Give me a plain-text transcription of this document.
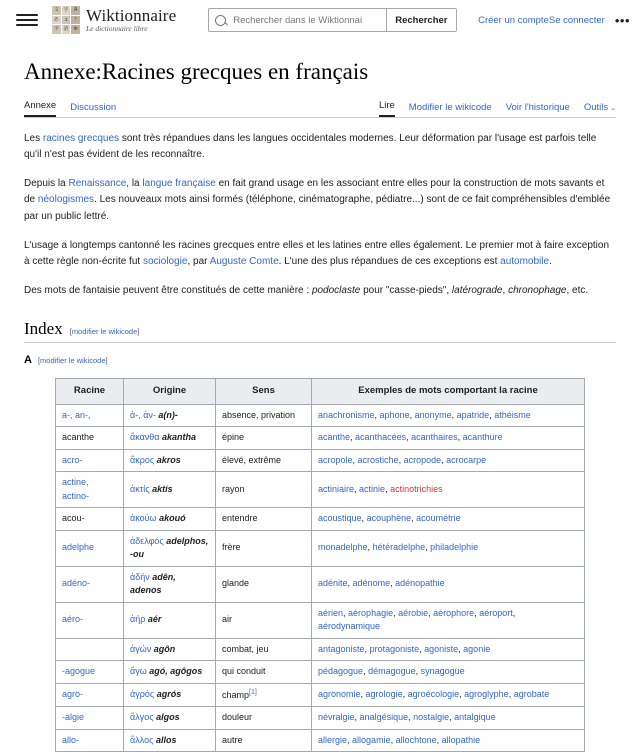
文 字	A
あ	ב	ᛉ
字 語	क
Wiktionnaire
Le dictionnaire libre
Rechercher dans le Wiktionnai
Rechercher	Créer un compte Se connecter •••
Annexe:Racines grecques en français
Annexe Discussion	Lire Modifier le wikicode Voir l'historique Outils ⌄

Les racines grecques sont très répandues dans les langues occidentales modernes. Leur déformation par l'usage est parfois telle qu'il n'est pas évident de les reconnaître.

Depuis la Renaissance, la langue française en fait grand usage en les associant entre elles pour la construction de mots savants et de néologismes. Les nouveaux mots ainsi formés (téléphone, cinématographe, pédiatre...) sont de ce fait compréhensibles d'emblée par un public lettré.

L'usage a longtemps cantonné les racines grecques entre elles et les latines entre elles également. Le premier mot à faire exception à cette règle non-écrite fut sociologie, par Auguste Comte. L'une des plus répandues de ces exceptions est automobile.

Des mots de fantaisie peuvent être constitués de cette manière : podoclaste pour "casse-pieds", latérograde, chronophage, etc.

Index [modifier le wikicode]
A [modifier le wikicode]
Racine	Origine	Sens	Exemples de mots comportant la racine
a-, an-,	ἀ-, ἀν- a(n)-	absence, privation	anachronisme, aphone, anonyme, apatride, athéisme
acanthe	ἄκανθα akantha	épine	acanthe, acanthacées, acanthaires, acanthure
acro-	ἄκρος akros	élevé, extrême	acropole, acrostiche, acropode, acrocarpe
actine, actino-	ἀκτίς aktís	rayon	actiniaire, actinie, actinotrichies
acou-	ἀκούω akouó	entendre	acoustique, acouphène, acoumétrie
adelphe	ἀδελφός adelphos, -ou	frère	monadelphe, hétéradelphe, philadelphie
adéno-	ἀδήν adên, adenos	glande	adénite, adénome, adénopathie
aéro-	ἀήρ aér	air	aérien, aérophagie, aérobie, aérophore, aéroport, aérodynamique
	ἀγών agôn	combat, jeu	antagoniste, protagoniste, agoniste, agonie
-agogue	ἄγω agó, agôgos	qui conduit	pédagogue, démagogue, synagogue
agro-	ἀγρός agrós	champ[1]	agronomie, agrologie, agroécologie, agroglyphe, agrobate
-algie	ἄλγος algos	douleur	névralgie, analgésique, nostalgie, antalgique
allo-	ἄλλος allos	autre	allergie, allogamie, allochtone, allopathie
